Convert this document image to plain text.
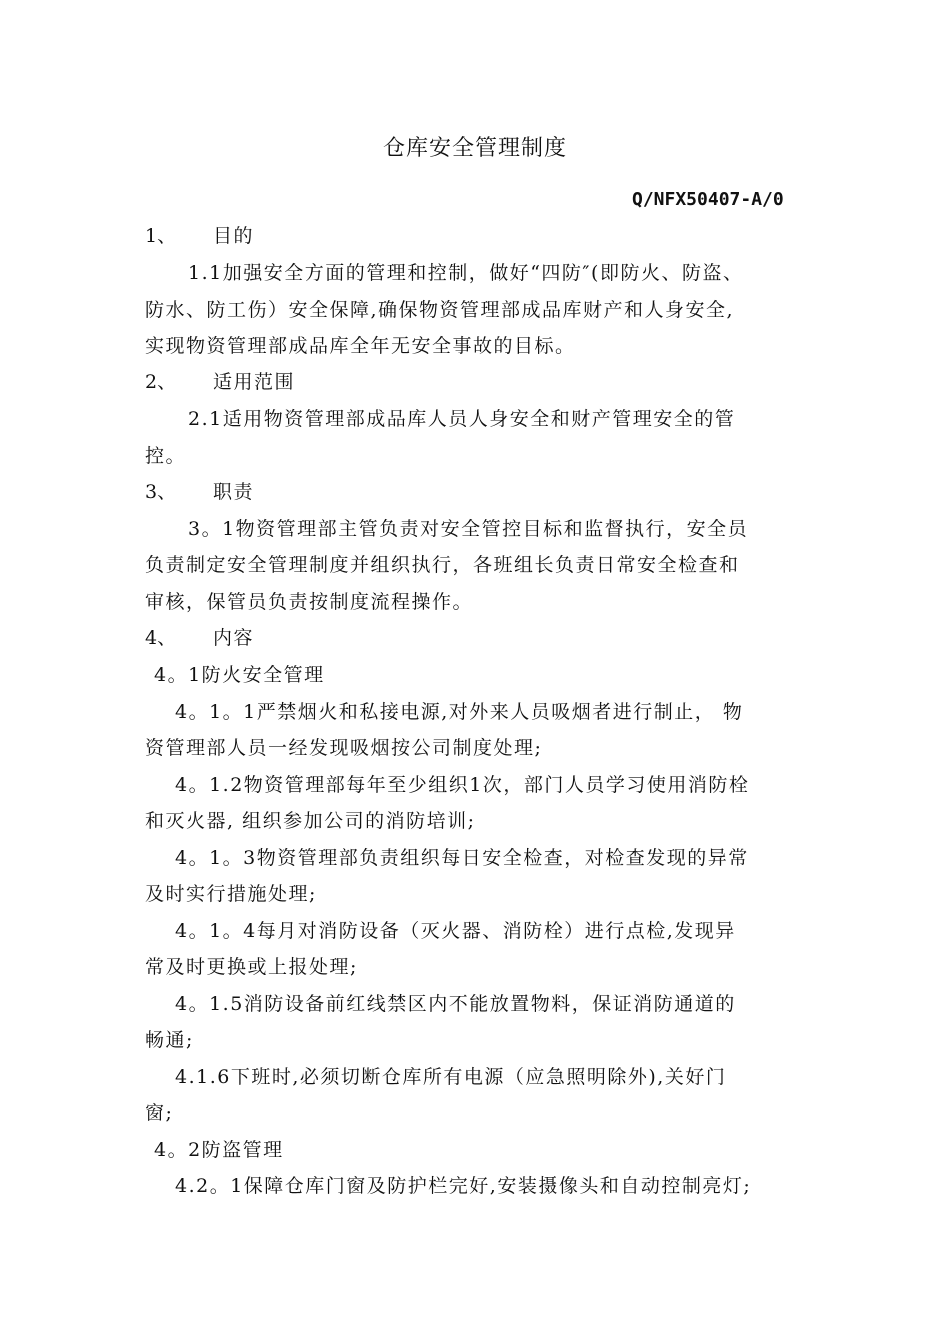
仓库安全管理制度
Q/NFX50407-A/0
1、 目的
1.1加强安全方面的管理和控制，做好“四防″(即防火、防盗、
防水、防工伤）安全保障,确保物资管理部成品库财产和人身安全,
实现物资管理部成品库全年无安全事故的目标。
2、 适用范围
2.1适用物资管理部成品库人员人身安全和财产管理安全的管
控。
3、 职责
3。1物资管理部主管负责对安全管控目标和监督执行，安全员
负责制定安全管理制度并组织执行，各班组长负责日常安全检查和
审核，保管员负责按制度流程操作。
4、 内容
4。1防火安全管理
4。1。1严禁烟火和私接电源,对外来人员吸烟者进行制止， 物
资管理部人员一经发现吸烟按公司制度处理;
4。1.2物资管理部每年至少组织1次，部门人员学习使用消防栓
和灭火器, 组织参加公司的消防培训;
4。1。3物资管理部负责组织每日安全检查，对检查发现的异常
及时实行措施处理;
4。1。4每月对消防设备（灭火器、消防栓）进行点检,发现异
常及时更换或上报处理;
4。1.5消防设备前红线禁区内不能放置物料，保证消防通道的
畅通;
4.1.6下班时,必须切断仓库所有电源（应急照明除外),关好门
窗;
4。2防盗管理
4.2。1保障仓库门窗及防护栏完好,安装摄像头和自动控制亮灯;
